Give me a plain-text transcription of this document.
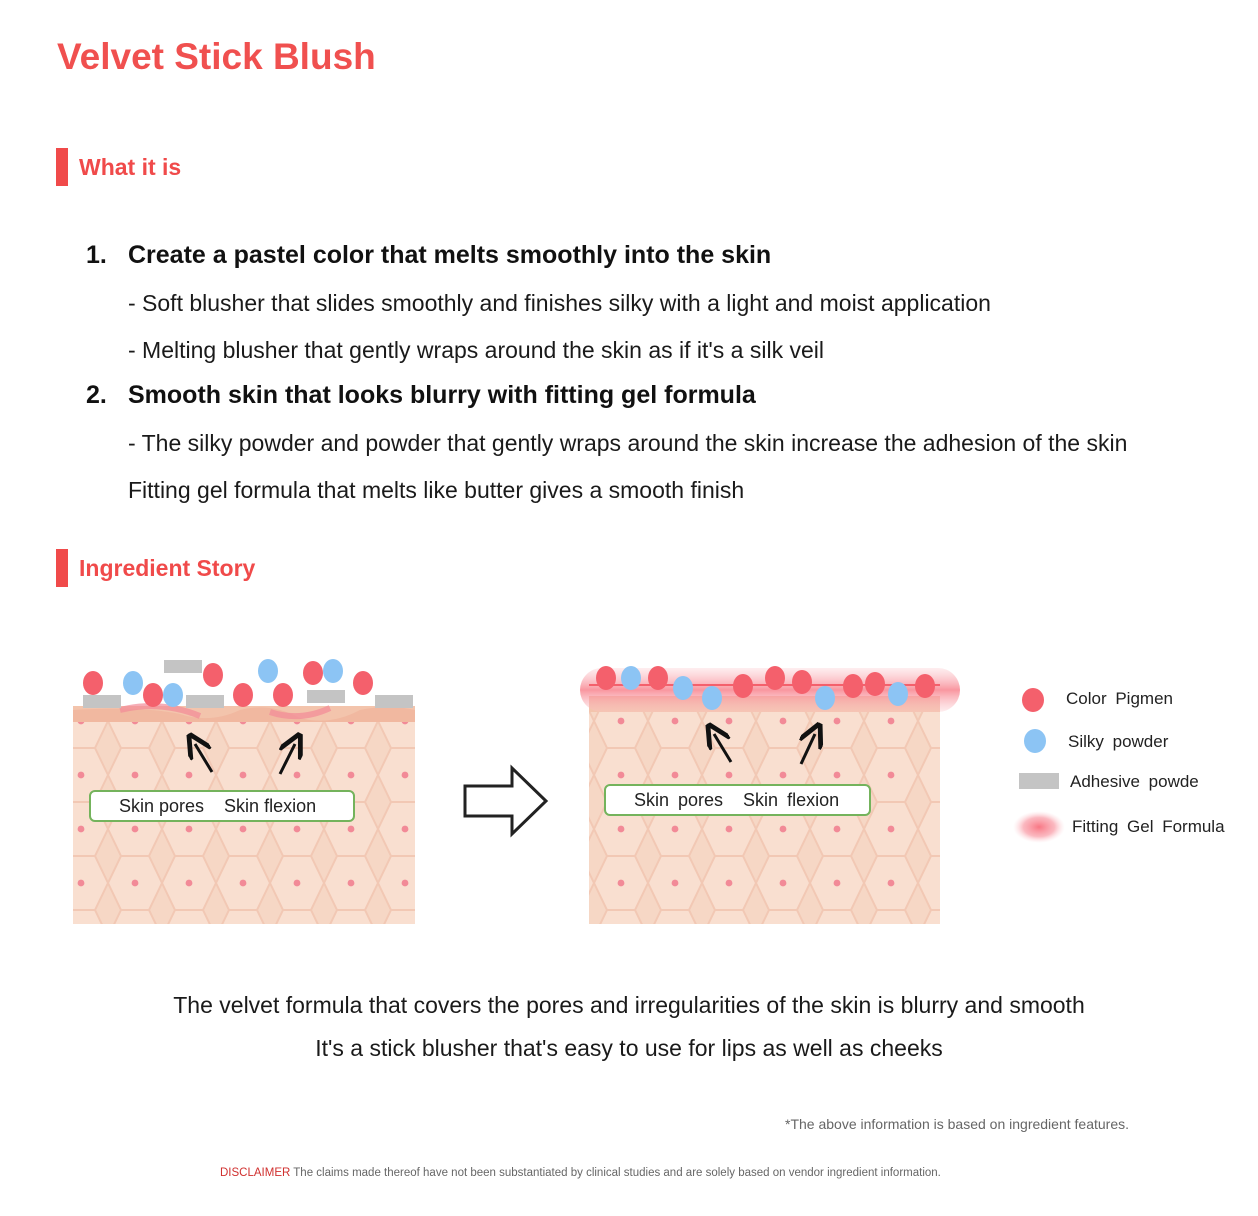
Velvet Stick Blush
What it is
1. Create a pastel color that melts smoothly into the skin
- Soft blusher that slides smoothly and finishes silky with a light and moist application
- Melting blusher that gently wraps around the skin as if it's a silk veil
2. Smooth skin that looks blurry with fitting gel formula
- The silky powder and powder that gently wraps around the skin increase the adhesion of the skin
Fitting gel formula that melts like butter gives a smooth finish
Ingredient Story
Skin pores Skin flexion	Skin pores Skin flexion
Color Pigmen
Silky powder
Adhesive powde
Fitting Gel Formula
The velvet formula that covers the pores and irregularities of the skin is blurry and smooth
It's a stick blusher that's easy to use for lips as well as cheeks
*The above information is based on ingredient features.
DISCLAIMER The claims made thereof have not been substantiated by clinical studies and are solely based on vendor ingredient information.
